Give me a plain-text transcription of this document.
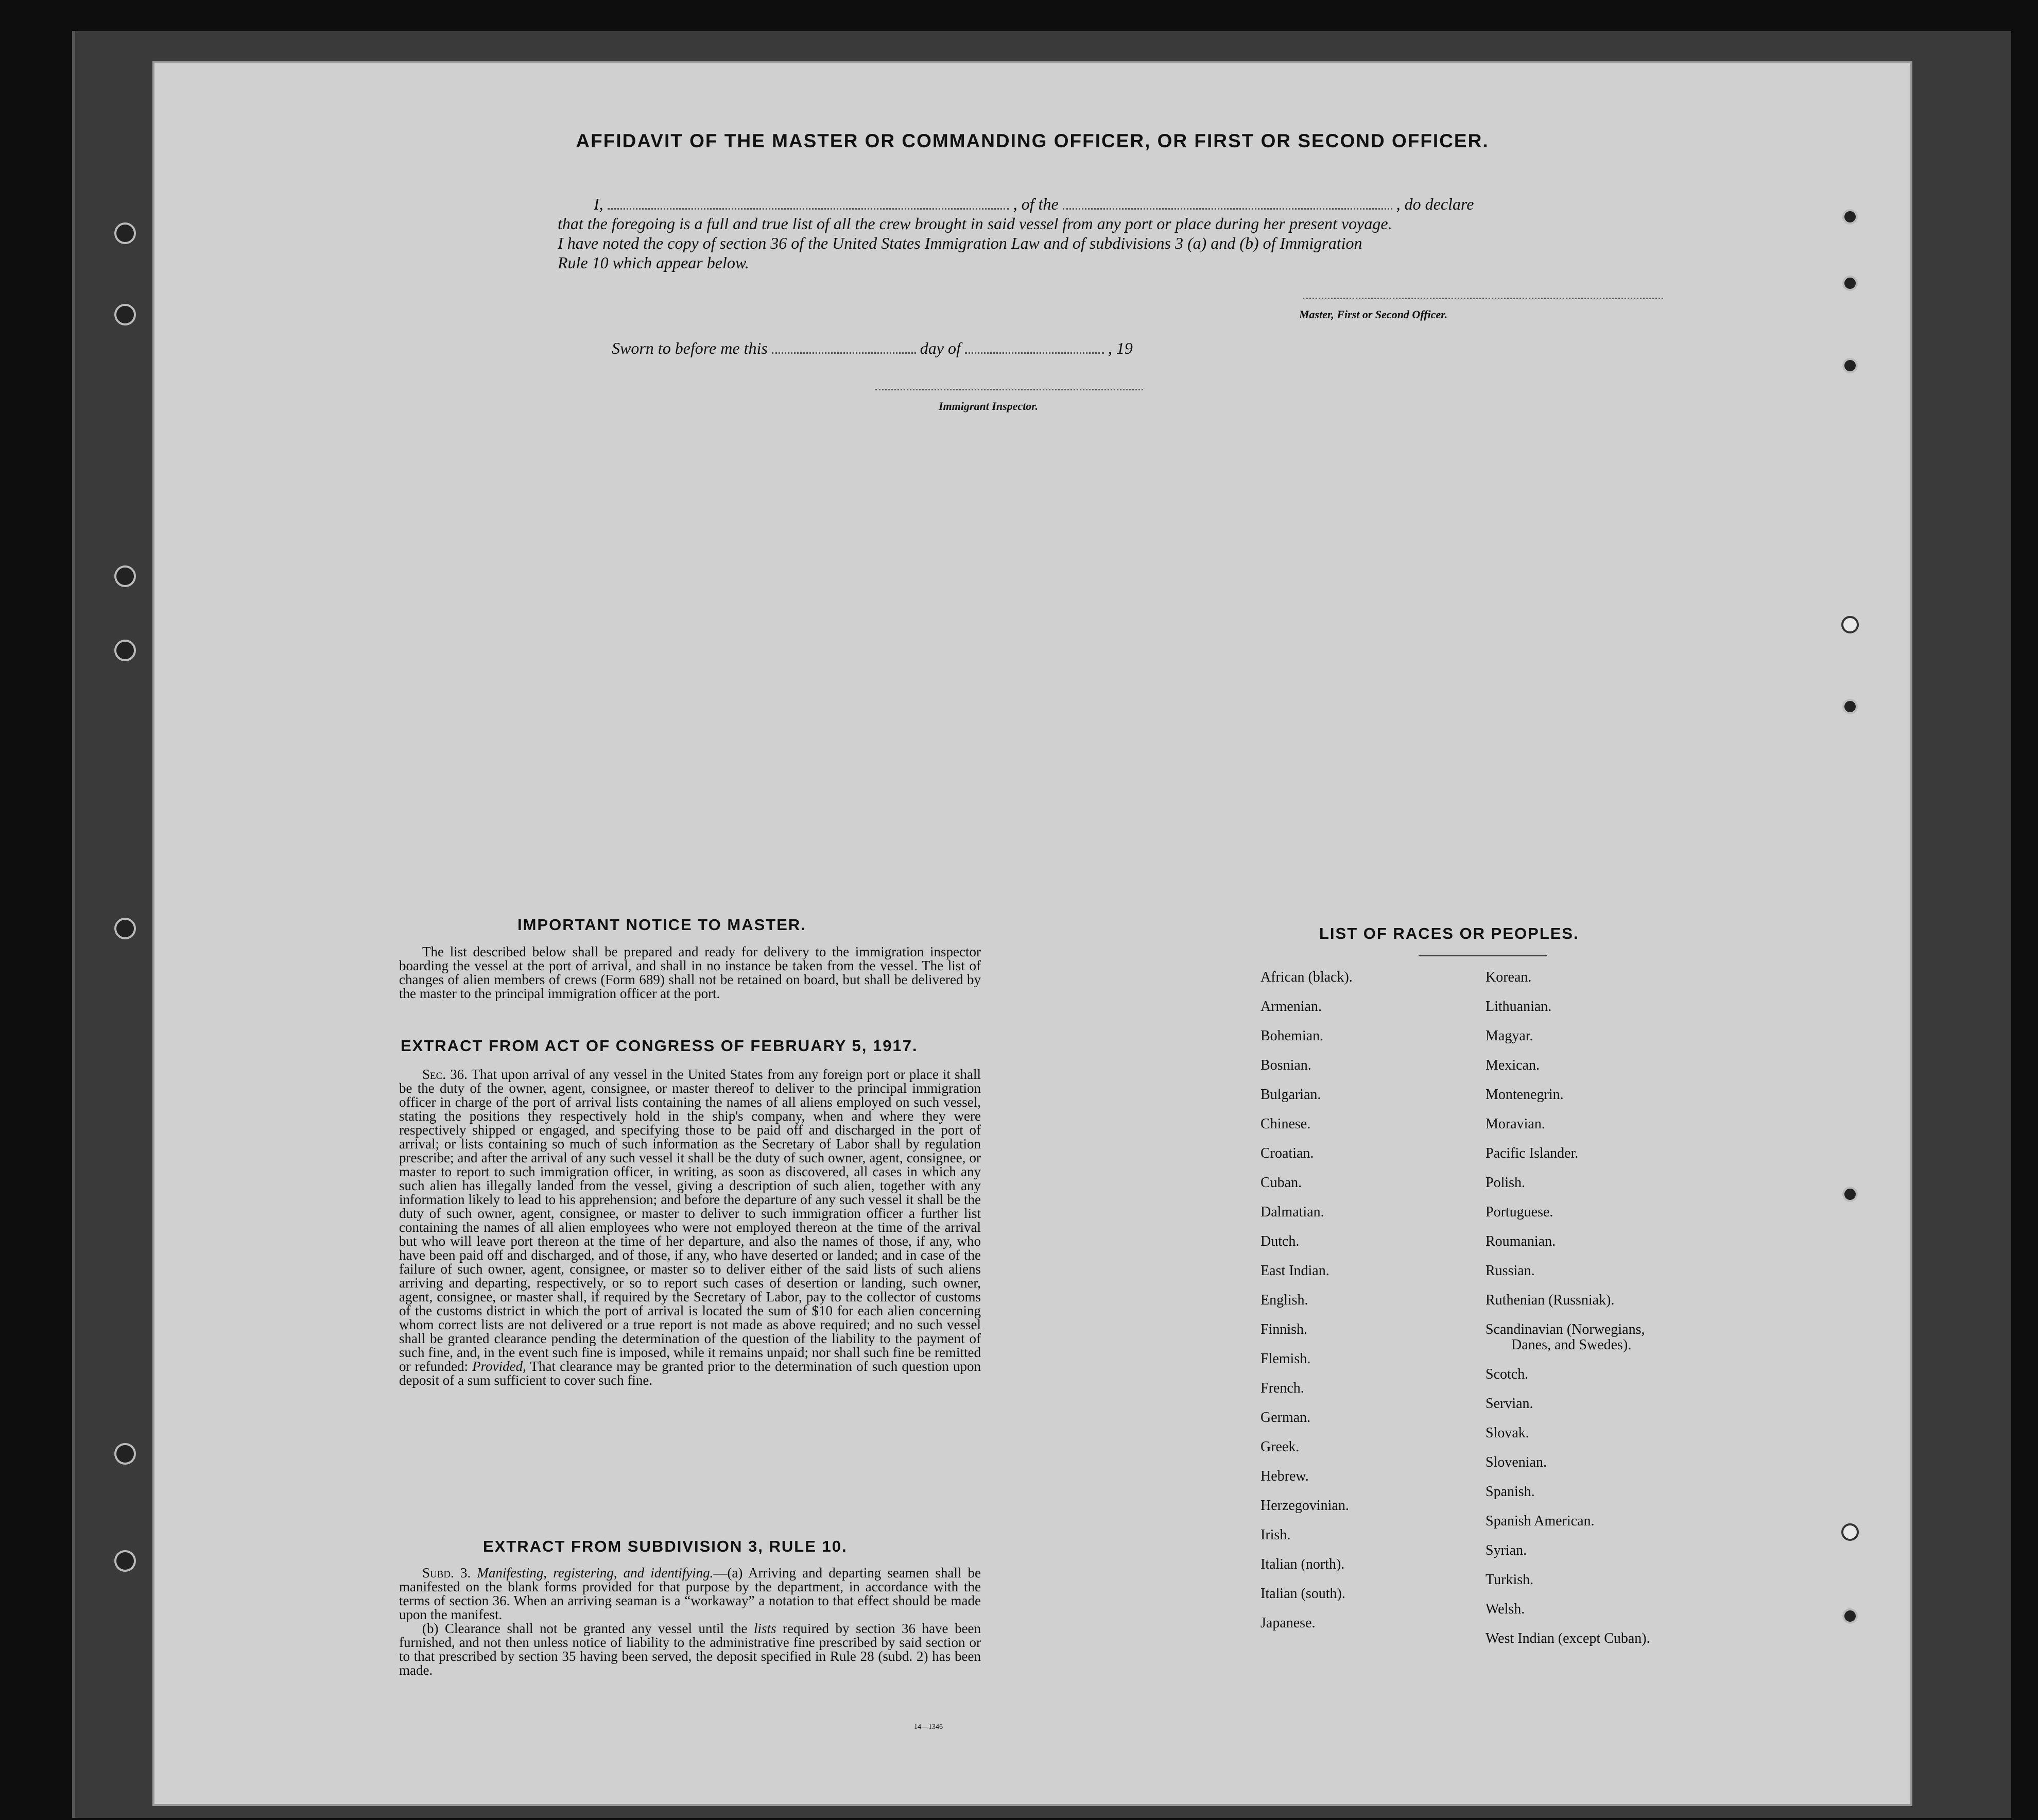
AFFIDAVIT OF THE MASTER OR COMMANDING OFFICER, OR FIRST OR SECOND OFFICER.
I,	, of the	, do declare
that the foregoing is a full and true list of all the crew brought in said vessel from any port or place during her present voyage.
I have noted the copy of section 36 of the United States Immigration Law and of subdivisions 3 (a) and (b) of Immigration
Rule 10 which appear below.
Master, First or Second Officer.
Sworn to before me this	day of	, 19
Immigrant Inspector.
IMPORTANT NOTICE TO MASTER.

The list described below shall be prepared and ready for delivery to the immigration inspector boarding the vessel at the port of arrival, and shall in no instance be taken from the vessel. The list of changes of alien members of crews (Form 689) shall not be retained on board, but shall be delivered by the master to the principal immigration officer at the port.

EXTRACT FROM ACT OF CONGRESS OF FEBRUARY 5, 1917.

Sec. 36. That upon arrival of any vessel in the United States from any foreign port or place it shall be the duty of the owner, agent, consignee, or master thereof to deliver to the principal immigration officer in charge of the port of arrival lists containing the names of all aliens employed on such vessel, stating the positions they respectively hold in the ship's company, when and where they were respectively shipped or engaged, and specifying those to be paid off and discharged in the port of arrival; or lists containing so much of such information as the Secretary of Labor shall by regulation prescribe; and after the arrival of any such vessel it shall be the duty of such owner, agent, consignee, or master to report to such immigration officer, in writing, as soon as discovered, all cases in which any such alien has illegally landed from the vessel, giving a description of such alien, together with any information likely to lead to his apprehension; and before the departure of any such vessel it shall be the duty of such owner, agent, consignee, or master to deliver to such immigration officer a further list containing the names of all alien employees who were not employed thereon at the time of the arrival but who will leave port thereon at the time of her departure, and also the names of those, if any, who have been paid off and discharged, and of those, if any, who have deserted or landed; and in case of the failure of such owner, agent, consignee, or master so to deliver either of the said lists of such aliens arriving and departing, respectively, or so to report such cases of desertion or landing, such owner, agent, consignee, or master shall, if required by the Secretary of Labor, pay to the collector of customs of the customs district in which the port of arrival is located the sum of $10 for each alien concerning whom correct lists are not delivered or a true report is not made as above required; and no such vessel shall be granted clearance pending the determination of the question of the liability to the payment of such fine, and, in the event such fine is imposed, while it remains unpaid; nor shall such fine be remitted or refunded: Provided, That clearance may be granted prior to the determination of such question upon deposit of a sum sufficient to cover such fine.

EXTRACT FROM SUBDIVISION 3, RULE 10.

Subd. 3. Manifesting, registering, and identifying.—(a) Arriving and departing seamen shall be manifested on the blank forms provided for that purpose by the department, in accordance with the terms of section 36. When an arriving seaman is a “workaway” a notation to that effect should be made upon the manifest.

(b) Clearance shall not be granted any vessel until the lists required by section 36 have been furnished, and not then unless notice of liability to the administrative fine prescribed by said section or to that prescribed by section 35 having been served, the deposit specified in Rule 28 (subd. 2) has been made.

14—1346
LIST OF RACES OR PEOPLES.
African (black).
Armenian.
Bohemian.
Bosnian.
Bulgarian.
Chinese.
Croatian.
Cuban.
Dalmatian.
Dutch.
East Indian.
English.
Finnish.
Flemish.
French.
German.
Greek.
Hebrew.
Herzegovinian.
Irish.
Italian (north).
Italian (south).
Japanese.
Korean.
Lithuanian.
Magyar.
Mexican.
Montenegrin.
Moravian.
Pacific Islander.
Polish.
Portuguese.
Roumanian.
Russian.
Ruthenian (Russniak).
Scandinavian (Norwegians,
Danes, and Swedes).
Scotch.
Servian.
Slovak.
Slovenian.
Spanish.
Spanish American.
Syrian.
Turkish.
Welsh.
West Indian (except Cuban).
